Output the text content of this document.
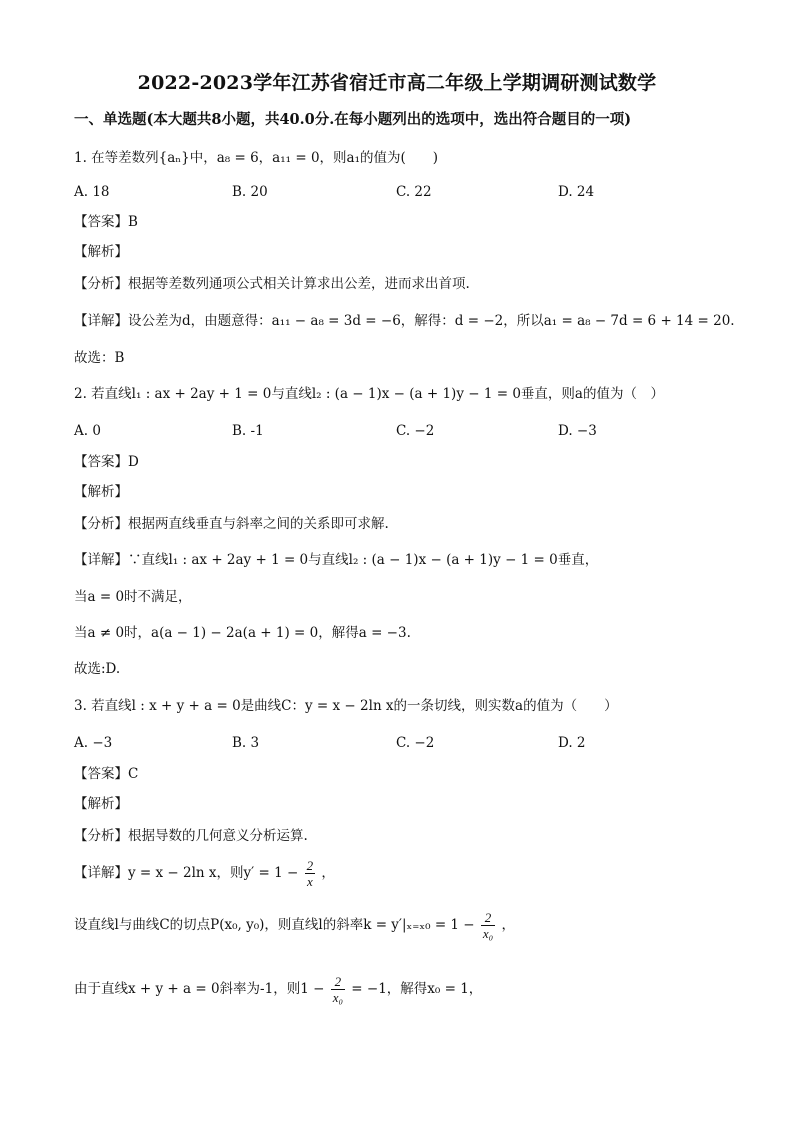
2022-2023学年江苏省宿迁市高二年级上学期调研测试数学
一、单选题(本大题共8小题，共40.0分.在每小题列出的选项中，选出符合题目的一项)
1. 在等差数列{aₙ}中，a₈ = 6，a₁₁ = 0，则a₁的值为(　　)
A. 18	B. 20	C. 22	D. 24
【答案】B
【解析】
【分析】根据等差数列通项公式相关计算求出公差，进而求出首项.
【详解】设公差为d，由题意得：a₁₁ − a₈ = 3d = −6，解得：d = −2，所以a₁ = a₈ − 7d = 6 + 14 = 20.
故选：B
2. 若直线l₁ : ax + 2ay + 1 = 0与直线l₂ : (a − 1)x − (a + 1)y − 1 = 0垂直，则a的值为（　）
A. 0	B. -1	C. −2	D. −3
【答案】D
【解析】
【分析】根据两直线垂直与斜率之间的关系即可求解.
【详解】∵直线l₁ : ax + 2ay + 1 = 0与直线l₂ : (a − 1)x − (a + 1)y − 1 = 0垂直，
当a = 0时不满足，
当a ≠ 0时，a(a − 1) − 2a(a + 1) = 0，解得a = −3.
故选:D.
3. 若直线l : x + y + a = 0是曲线C：y = x − 2ln x的一条切线，则实数a的值为（　　）
A. −3	B. 3	C. −2	D. 2
【答案】C
【解析】
【分析】根据导数的几何意义分析运算.
【详解】y = x − 2ln x，则$y' = 1 - \frac{2}{x}$ ，
设直线l与曲线C的切点P(x₀, y₀)，则直线l的斜率$k = y'|_{x=x0} = 1 - \frac{2}{\text{x₀}}$ ，
由于直线x + y + a = 0斜率为-1，则$1 - \frac{2}{\text{x₀}} = -1$，解得x₀ = 1，
